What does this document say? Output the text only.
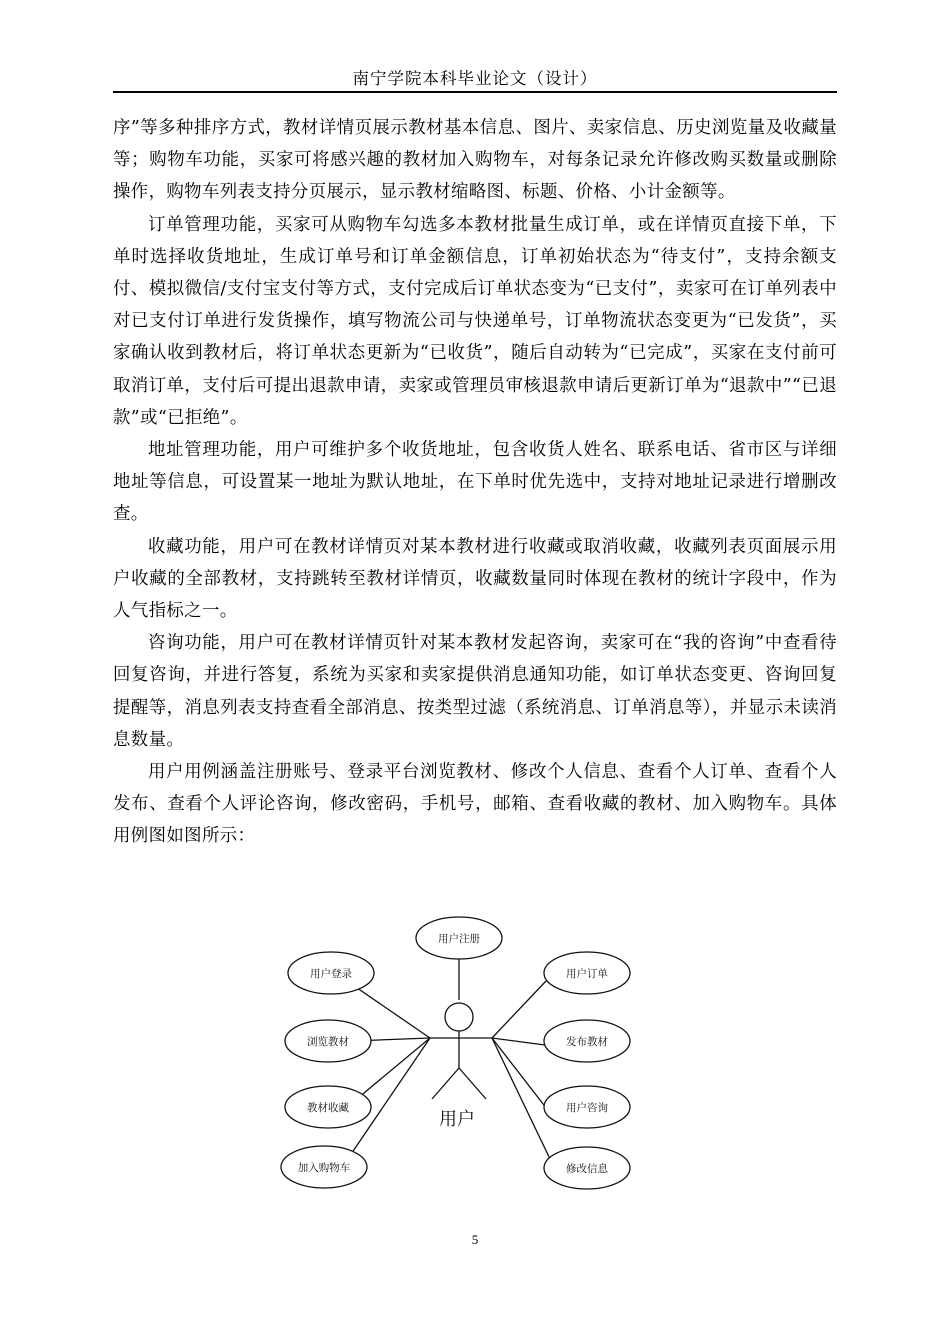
南宁学院本科毕业论文（设计）

序”等多种排序方式，教材详情页展示教材基本信息、图片、卖家信息、历史浏览量及收藏量等；购物车功能，买家可将感兴趣的教材加入购物车，对每条记录允许修改购买数量或删除操作，购物车列表支持分页展示，显示教材缩略图、标题、价格、小计金额等。

订单管理功能，买家可从购物车勾选多本教材批量生成订单，或在详情页直接下单，下单时选择收货地址，生成订单号和订单金额信息，订单初始状态为“待支付”，支持余额支付、模拟微信/支付宝支付等方式，支付完成后订单状态变为“已支付”，卖家可在订单列表中对已支付订单进行发货操作，填写物流公司与快递单号，订单物流状态变更为“已发货”，买家确认收到教材后，将订单状态更新为“已收货”，随后自动转为“已完成”，买家在支付前可取消订单，支付后可提出退款申请，卖家或管理员审核退款申请后更新订单为“退款中”“已退款”或“已拒绝”。

地址管理功能，用户可维护多个收货地址，包含收货人姓名、联系电话、省市区与详细地址等信息，可设置某一地址为默认地址，在下单时优先选中，支持对地址记录进行增删改查。

收藏功能，用户可在教材详情页对某本教材进行收藏或取消收藏，收藏列表页面展示用户收藏的全部教材，支持跳转至教材详情页，收藏数量同时体现在教材的统计字段中，作为人气指标之一。

咨询功能，用户可在教材详情页针对某本教材发起咨询，卖家可在“我的咨询”中查看待回复咨询，并进行答复，系统为买家和卖家提供消息通知功能，如订单状态变更、咨询回复提醒等，消息列表支持查看全部消息、按类型过滤（系统消息、订单消息等），并显示未读消息数量。

用户用例涵盖注册账号、登录平台浏览教材、修改个人信息、查看个人订单、查看个人发布、查看个人评论咨询，修改密码，手机号，邮箱、查看收藏的教材、加入购物车。具体用例图如图所示：

用户注册
用户登录
浏览教材
教材收藏
加入购物车
用户订单
发布教材
用户咨询
修改信息
用户
5
